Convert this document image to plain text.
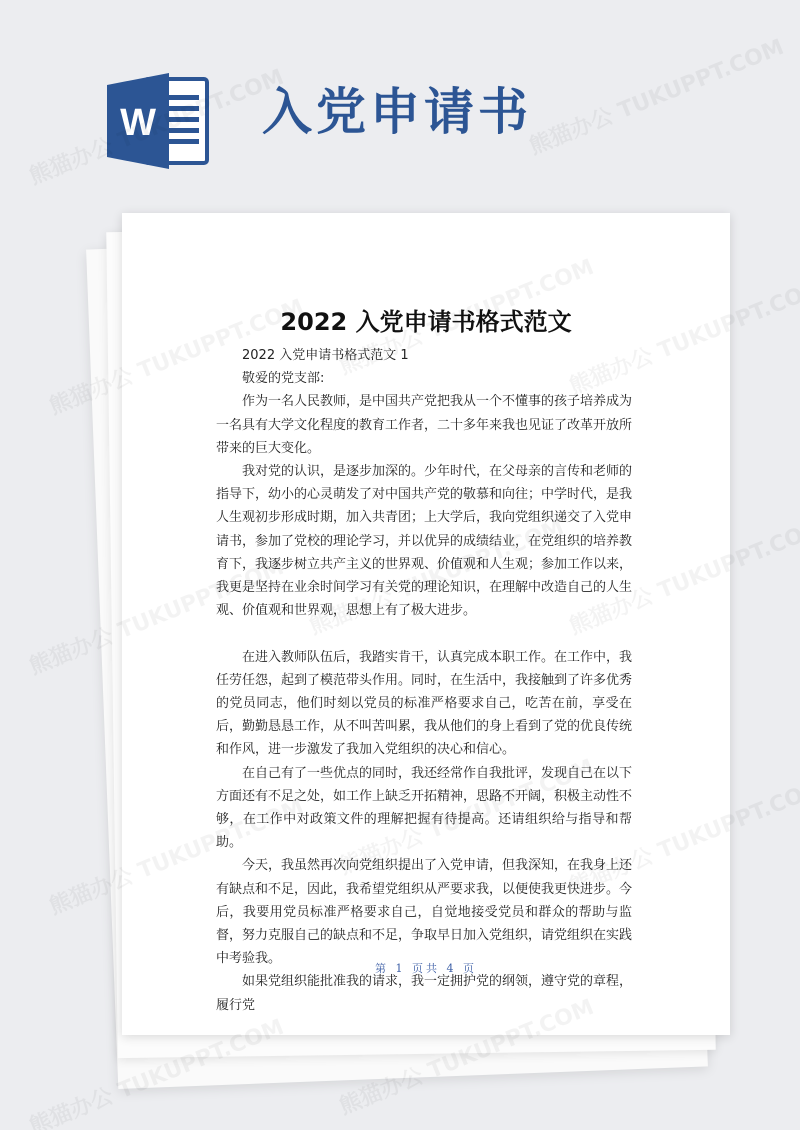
W 入党申请书
2022 入党申请书格式范文

2022 入党申请书格式范文 1

敬爱的党支部:

作为一名人民教师，是中国共产党把我从一个不懂事的孩子培养成为一名具有大学文化程度的教育工作者，二十多年来我也见证了改革开放所带来的巨大变化。

我对党的认识，是逐步加深的。少年时代，在父母亲的言传和老师的指导下，幼小的心灵萌发了对中国共产党的敬慕和向往；中学时代，是我人生观初步形成时期，加入共青团；上大学后，我向党组织递交了入党申请书，参加了党校的理论学习，并以优异的成绩结业，在党组织的培养教育下，我逐步树立共产主义的世界观、价值观和人生观；参加工作以来，我更是坚持在业余时间学习有关党的理论知识，在理解中改造自己的人生观、价值观和世界观，思想上有了极大进步。

在进入教师队伍后，我踏实肯干，认真完成本职工作。在工作中，我任劳任怨，起到了模范带头作用。同时，在生活中，我接触到了许多优秀的党员同志，他们时刻以党员的标准严格要求自己，吃苦在前，享受在后，勤勤恳恳工作，从不叫苦叫累，我从他们的身上看到了党的优良传统和作风，进一步激发了我加入党组织的决心和信心。

在自己有了一些优点的同时，我还经常作自我批评，发现自己在以下方面还有不足之处，如工作上缺乏开拓精神，思路不开阔，积极主动性不够，在工作中对政策文件的理解把握有待提高。还请组织给与指导和帮助。

今天，我虽然再次向党组织提出了入党申请，但我深知，在我身上还有缺点和不足，因此，我希望党组织从严要求我，以便使我更快进步。今后，我要用党员标准严格要求自己，自觉地接受党员和群众的帮助与监督，努力克服自己的缺点和不足，争取早日加入党组织，请党组织在实践中考验我。

如果党组织能批准我的请求，我一定拥护党的纲领，遵守党的章程，履行党

第 1 页共 4 页
